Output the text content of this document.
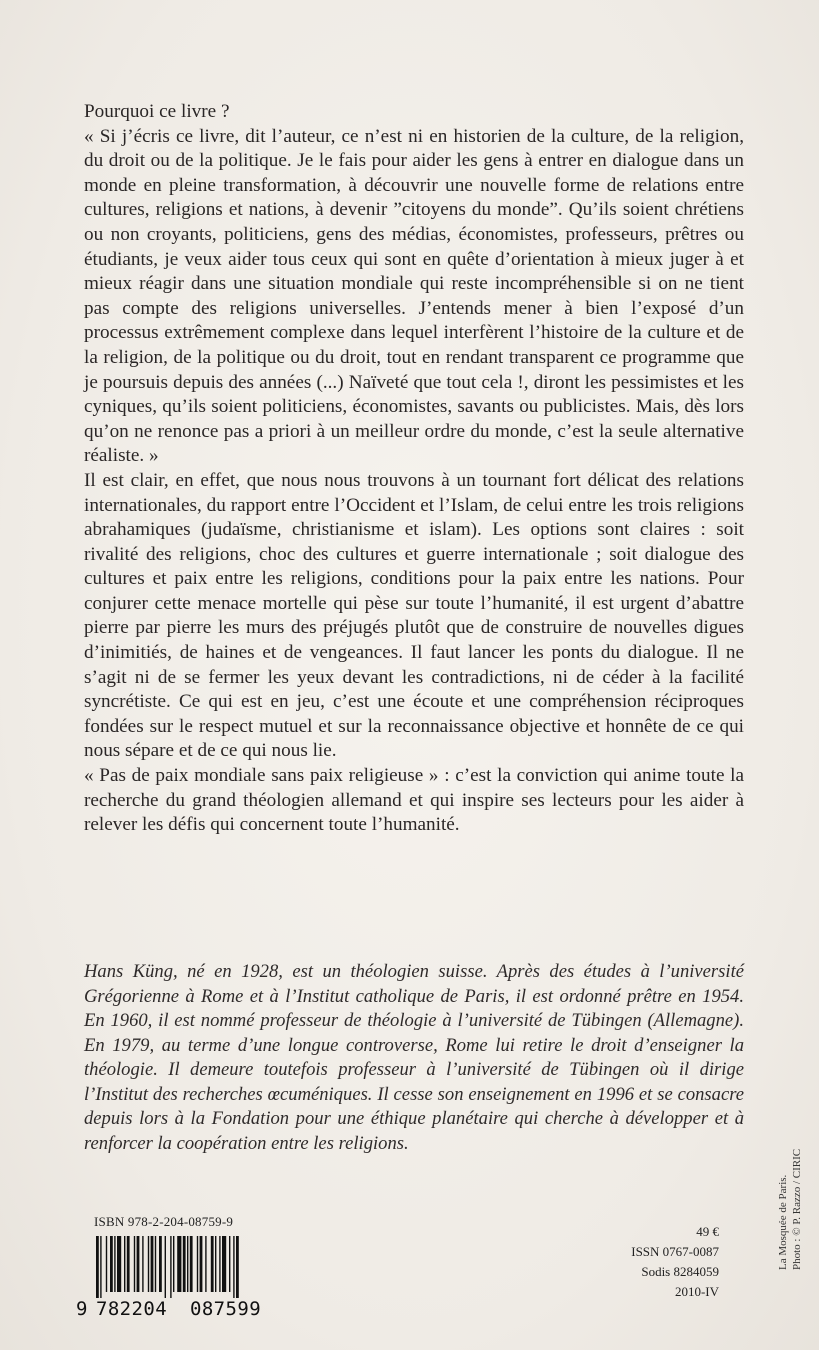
Pourquoi ce livre ?

« Si j’écris ce livre, dit l’auteur, ce n’est ni en historien de la culture, de la religion, du droit ou de la politique. Je le fais pour aider les gens à entrer en dialogue dans un monde en pleine transformation, à découvrir une nouvelle forme de relations entre cultures, religions et nations, à devenir ”citoyens du monde”. Qu’ils soient chrétiens ou non croyants, politiciens, gens des médias, économistes, professeurs, prêtres ou étudiants, je veux aider tous ceux qui sont en quête d’orientation à mieux juger à et mieux réagir dans une situation mondiale qui reste incompréhensible si on ne tient pas compte des religions universelles. J’entends mener à bien l’exposé d’un processus extrêmement complexe dans lequel interfèrent l’histoire de la culture et de la religion, de la politique ou du droit, tout en rendant transparent ce programme que je poursuis depuis des années (...) Naïveté que tout cela !, diront les pessimistes et les cyniques, qu’ils soient politiciens, économistes, savants ou publicistes. Mais, dès lors qu’on ne renonce pas a priori à un meilleur ordre du monde, c’est la seule alternative réaliste. »

Il est clair, en effet, que nous nous trouvons à un tournant fort délicat des relations internationales, du rapport entre l’Occident et l’Islam, de celui entre les trois religions abrahamiques (judaïsme, christianisme et islam). Les options sont claires : soit rivalité des religions, choc des cultures et guerre internationale ; soit dialogue des cultures et paix entre les religions, conditions pour la paix entre les nations. Pour conjurer cette menace mortelle qui pèse sur toute l’humanité, il est urgent d’abattre pierre par pierre les murs des préjugés plutôt que de construire de nouvelles digues d’inimitiés, de haines et de vengeances. Il faut lancer les ponts du dialogue. Il ne s’agit ni de se fermer les yeux devant les contradictions, ni de céder à la facilité syncrétiste. Ce qui est en jeu, c’est une écoute et une compréhension réciproques fondées sur le respect mutuel et sur la reconnaissance objective et honnête de ce qui nous sépare et de ce qui nous lie.

« Pas de paix mondiale sans paix religieuse » : c’est la conviction qui anime toute la recherche du grand théologien allemand et qui inspire ses lecteurs pour les aider à relever les défis qui concernent toute l’humanité.

Hans Küng, né en 1928, est un théologien suisse. Après des études à l’université Grégorienne à Rome et à l’Institut catholique de Paris, il est ordonné prêtre en 1954. En 1960, il est nommé professeur de théologie à l’université de Tübingen (Allemagne). En 1979, au terme d’une longue controverse, Rome lui retire le droit d’enseigner la théologie. Il demeure toutefois professeur à l’université de Tübingen où il dirige l’Institut des recherches œcuméniques. Il cesse son enseignement en 1996 et se consacre depuis lors à la Fondation pour une éthique planétaire qui cherche à développer et à renforcer la coopération entre les religions.

ISBN 978-2-204-08759-9
9 782204 087599
49 €
ISSN 0767-0087
Sodis 8284059
2010-IV
La Mosquée de Paris. Photo : © P. Razzo / CIRIC
